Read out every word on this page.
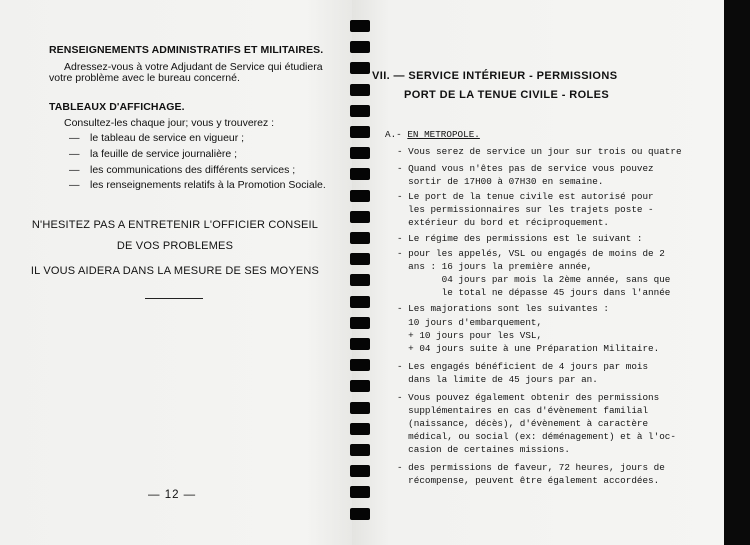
RENSEIGNEMENTS ADMINISTRATIFS ET MILITAIRES.
Adressez-vous à votre Adjudant de Service qui étudiera
votre problème avec le bureau concerné.
TABLEAUX D'AFFICHAGE.
Consultez-les chaque jour; vous y trouverez :
— le tableau de service en vigueur ;
— la feuille de service journalière ;
— les communications des différents services ;
— les renseignements relatifs à la Promotion Sociale.
N'HESITEZ PAS A ENTRETENIR L'OFFICIER CONSEIL
DE VOS PROBLEMES
IL VOUS AIDERA DANS LA MESURE DE SES MOYENS
— 12 —
VII. — SERVICE INTÉRIEUR - PERMISSIONS
PORT DE LA TENUE CIVILE - ROLES
A.- EN METROPOLE.
- Vous serez de service un jour sur trois ou quatre
- Quand vous n'êtes pas de service vous pouvez
sortir de 17H00 à 07H30 en semaine.
- Le port de la tenue civile est autorisé pour
les permissionnaires sur les trajets poste -
extérieur du bord et réciproquement.
- Le régime des permissions est le suivant :
- pour les appelés, VSL ou engagés de moins de 2
ans : 16 jours la première année,
04 jours par mois la 2ème année, sans que
le total ne dépasse 45 jours dans l'année
- Les majorations sont les suivantes :
10 jours d'embarquement,
+ 10 jours pour les VSL,
+ 04 jours suite à une Préparation Militaire.
- Les engagés bénéficient de 4 jours par mois
dans la limite de 45 jours par an.
- Vous pouvez également obtenir des permissions
supplémentaires en cas d'évènement familial
(naissance, décès), d'évènement à caractère
médical, ou social (ex: déménagement) et à l'oc-
casion de certaines missions.
- des permissions de faveur, 72 heures, jours de
récompense, peuvent être également accordées.
